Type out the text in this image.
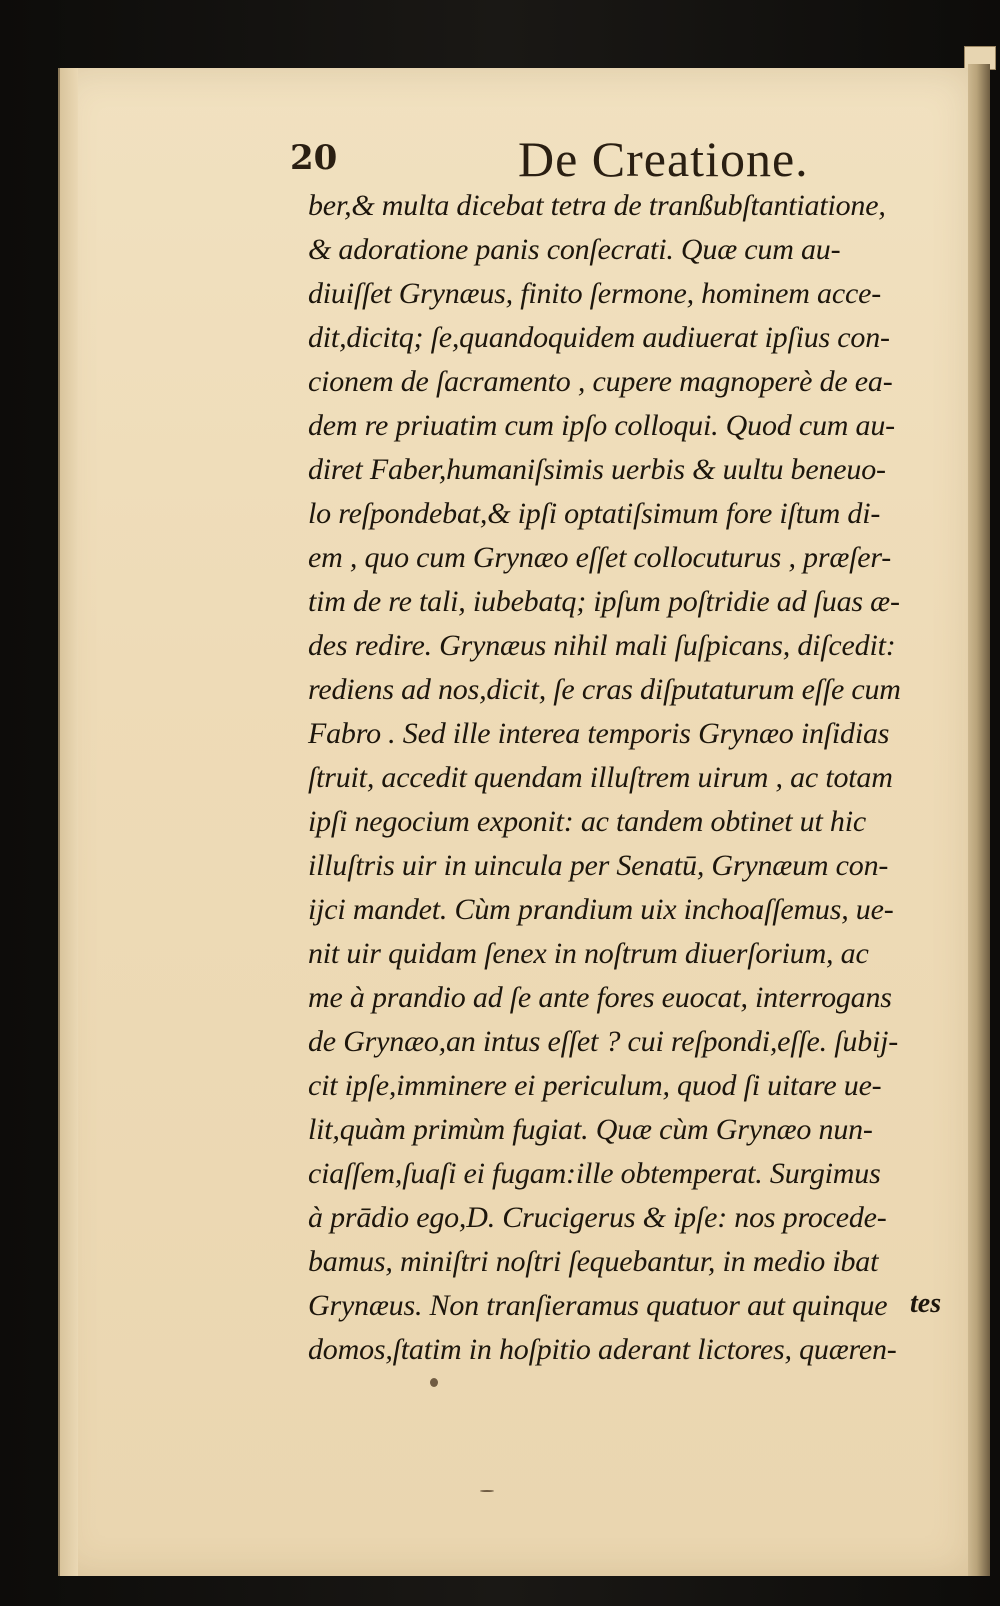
20	De Creatione.
ber,& multa dicebat tetra de tranßubſtantiatione,
& adoratione panis conſecrati. Quæ cum au-
diuiſſet Grynæus, finito ſermone, hominem acce-
dit,dicitq; ſe,quandoquidem audiuerat ipſius con-
cionem de ſacramento , cupere magnoperè de ea-
dem re priuatim cum ipſo colloqui. Quod cum au-
diret Faber,humaniſsimis uerbis & uultu beneuo-
lo reſpondebat,& ipſi optatiſsimum fore iſtum di-
em , quo cum Grynæo eſſet collocuturus , præſer-
tim de re tali, iubebatq; ipſum poſtridie ad ſuas æ-
des redire. Grynæus nihil mali ſuſpicans, diſcedit:
rediens ad nos,dicit, ſe cras diſputaturum eſſe cum
Fabro . Sed ille interea temporis Grynæo inſidias
ſtruit, accedit quendam illuſtrem uirum , ac totam
ipſi negocium exponit: ac tandem obtinet ut hic
illuſtris uir in uincula per Senatū, Grynæum con-
ijci mandet. Cùm prandium uix inchoaſſemus, ue-
nit uir quidam ſenex in noſtrum diuerſorium, ac
me à prandio ad ſe ante fores euocat, interrogans
de Grynæo,an intus eſſet ? cui reſpondi,eſſe. ſubij-
cit ipſe,imminere ei periculum, quod ſi uitare ue-
lit,quàm primùm fugiat. Quæ cùm Grynæo nun-
ciaſſem,ſuaſi ei fugam:ille obtemperat. Surgimus
à prādio ego,D. Crucigerus & ipſe: nos procede-
bamus, miniſtri noſtri ſequebantur, in medio ibat
Grynæus. Non tranſieramus quatuor aut quinque
domos,ſtatim in hoſpitio aderant lictores, quæren-
tes
